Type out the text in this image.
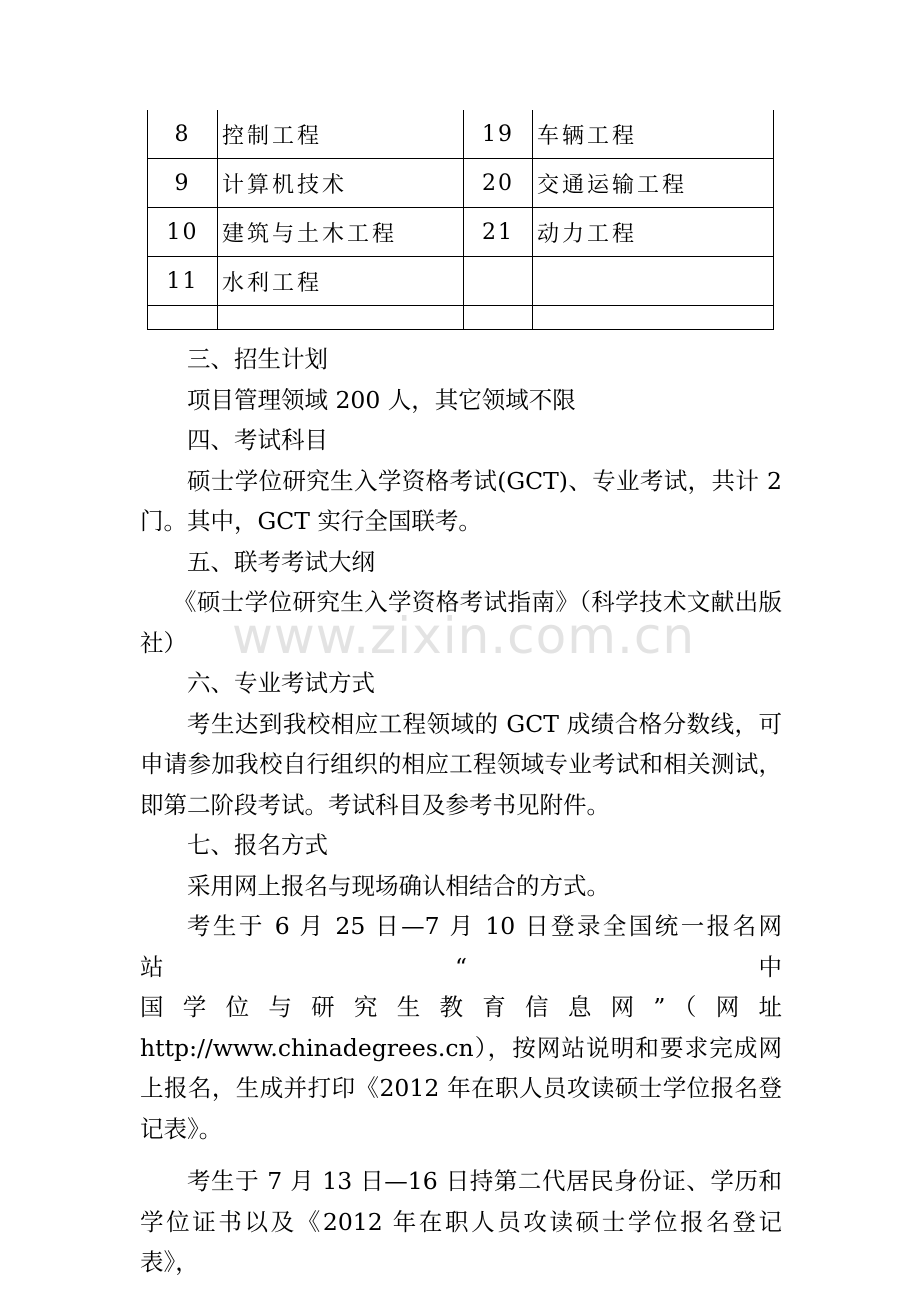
8	控制工程	19	车辆工程
9	计算机技术	20	交通运输工程
10	建筑与土木工程	21	动力工程
11	水利工程		

www.zixin.com.cn

三、招生计划

项目管理领域 200 人，其它领域不限

四、考试科目

硕士学位研究生入学资格考试(GCT)、专业考试，共计 2 门。其中，GCT 实行全国联考。

五、联考考试大纲

《硕士学位研究生入学资格考试指南》（科学技术文献出版社）

六、专业考试方式

考生达到我校相应工程领域的 GCT 成绩合格分数线，可申请参加我校自行组织的相应工程领域专业考试和相关测试，即第二阶段考试。考试科目及参考书见附件。

七、报名方式

采用网上报名与现场确认相结合的方式。

考生于 6 月 25 日—7 月 10 日登录全国统一报名网站“中

国学位与研究生教育信息网”（网址

http://www.chinadegrees.cn），按网站说明和要求完成网上报名，生成并打印《2012 年在职人员攻读硕士学位报名登记表》。

考生于 7 月 13 日—16 日持第二代居民身份证、学历和学位证书以及《2012 年在职人员攻读硕士学位报名登记表》，
